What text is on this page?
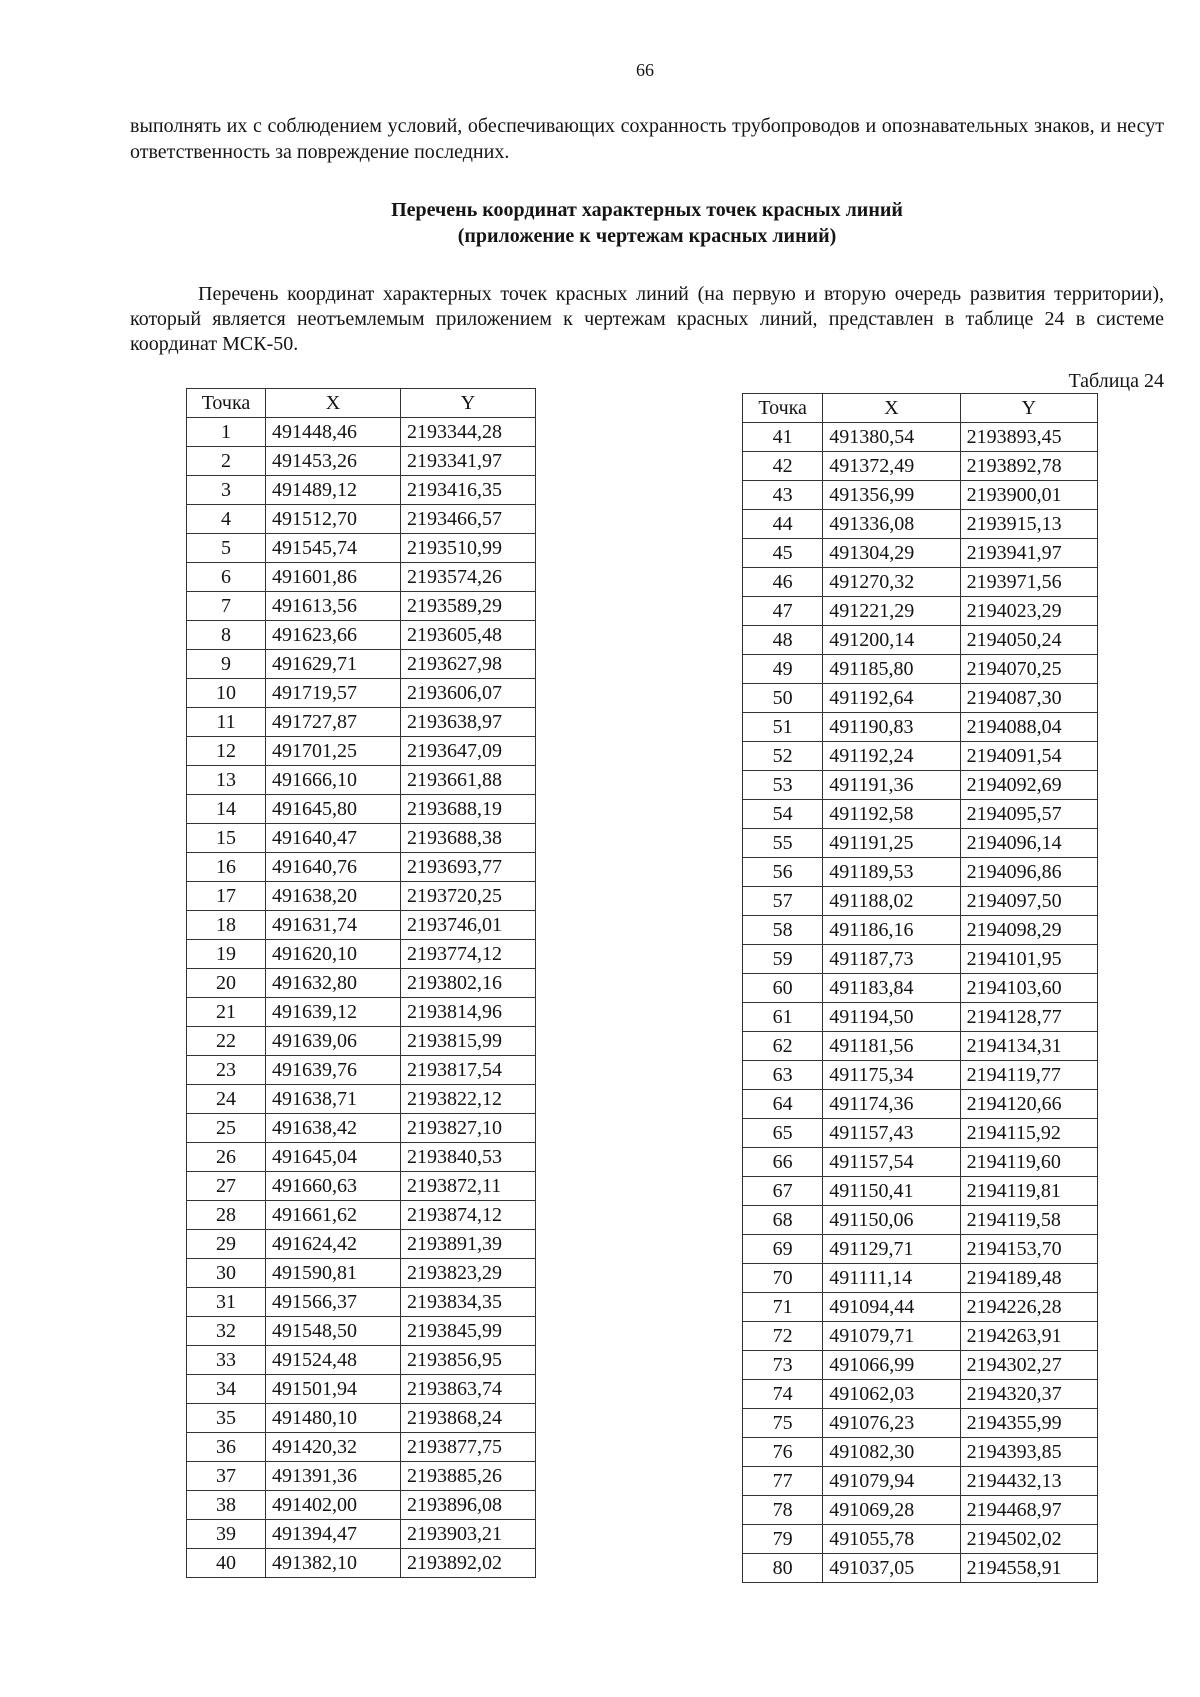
66
выполнять их с соблюдением условий, обеспечивающих сохранность трубопроводов и опознавательных знаков, и несут ответственность за повреждение последних.
Перечень координат характерных точек красных линий
(приложение к чертежам красных линий)
Перечень координат характерных точек красных линий (на первую и вторую очередь развития территории), который является неотъемлемым приложением к чертежам красных линий, представлен в таблице 24 в системе координат МСК-50.
Таблица 24
Точка	X	Y
1	491448,46	2193344,28
2	491453,26	2193341,97
3	491489,12	2193416,35
4	491512,70	2193466,57
5	491545,74	2193510,99
6	491601,86	2193574,26
7	491613,56	2193589,29
8	491623,66	2193605,48
9	491629,71	2193627,98
10	491719,57	2193606,07
11	491727,87	2193638,97
12	491701,25	2193647,09
13	491666,10	2193661,88
14	491645,80	2193688,19
15	491640,47	2193688,38
16	491640,76	2193693,77
17	491638,20	2193720,25
18	491631,74	2193746,01
19	491620,10	2193774,12
20	491632,80	2193802,16
21	491639,12	2193814,96
22	491639,06	2193815,99
23	491639,76	2193817,54
24	491638,71	2193822,12
25	491638,42	2193827,10
26	491645,04	2193840,53
27	491660,63	2193872,11
28	491661,62	2193874,12
29	491624,42	2193891,39
30	491590,81	2193823,29
31	491566,37	2193834,35
32	491548,50	2193845,99
33	491524,48	2193856,95
34	491501,94	2193863,74
35	491480,10	2193868,24
36	491420,32	2193877,75
37	491391,36	2193885,26
38	491402,00	2193896,08
39	491394,47	2193903,21
40	491382,10	2193892,02
Точка	X	Y
41	491380,54	2193893,45
42	491372,49	2193892,78
43	491356,99	2193900,01
44	491336,08	2193915,13
45	491304,29	2193941,97
46	491270,32	2193971,56
47	491221,29	2194023,29
48	491200,14	2194050,24
49	491185,80	2194070,25
50	491192,64	2194087,30
51	491190,83	2194088,04
52	491192,24	2194091,54
53	491191,36	2194092,69
54	491192,58	2194095,57
55	491191,25	2194096,14
56	491189,53	2194096,86
57	491188,02	2194097,50
58	491186,16	2194098,29
59	491187,73	2194101,95
60	491183,84	2194103,60
61	491194,50	2194128,77
62	491181,56	2194134,31
63	491175,34	2194119,77
64	491174,36	2194120,66
65	491157,43	2194115,92
66	491157,54	2194119,60
67	491150,41	2194119,81
68	491150,06	2194119,58
69	491129,71	2194153,70
70	491111,14	2194189,48
71	491094,44	2194226,28
72	491079,71	2194263,91
73	491066,99	2194302,27
74	491062,03	2194320,37
75	491076,23	2194355,99
76	491082,30	2194393,85
77	491079,94	2194432,13
78	491069,28	2194468,97
79	491055,78	2194502,02
80	491037,05	2194558,91
